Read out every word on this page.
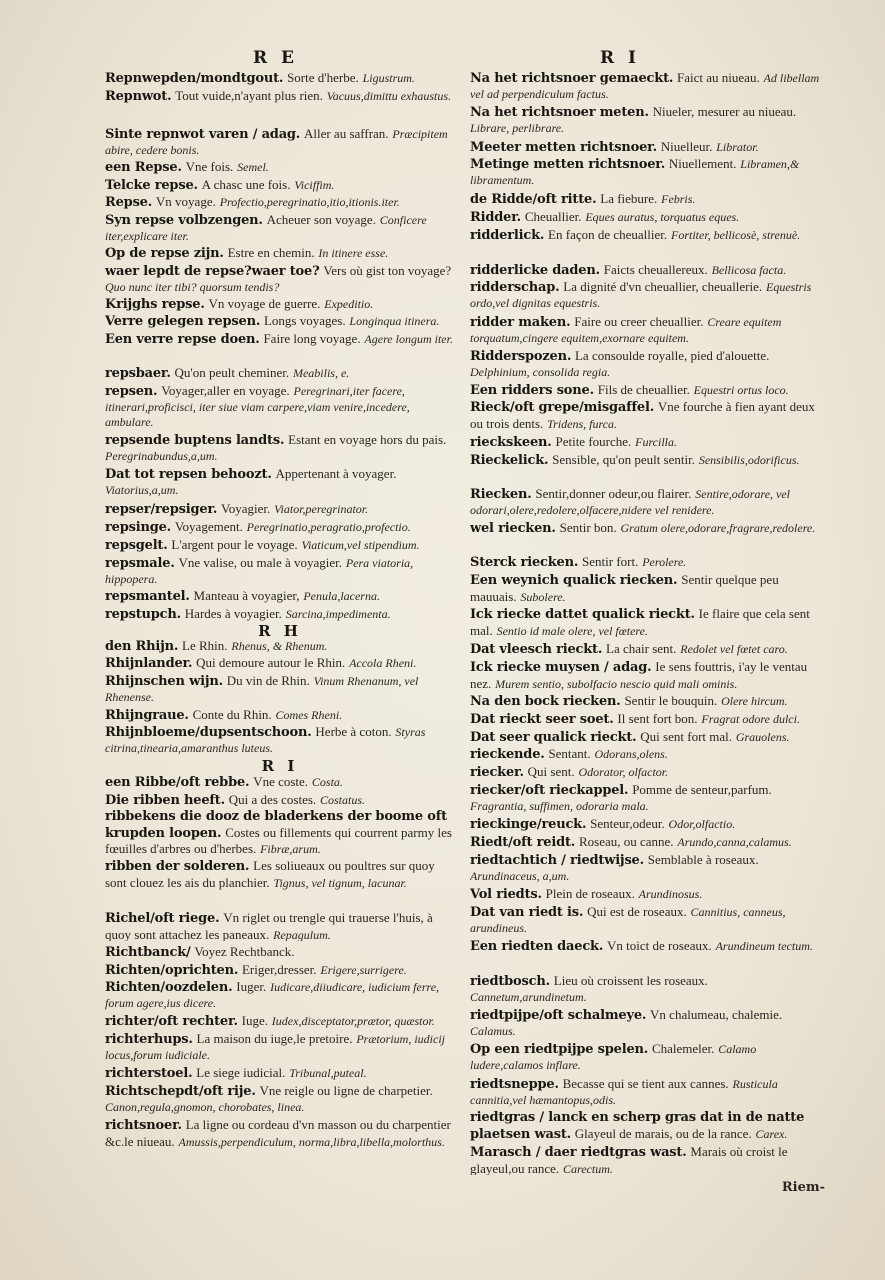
R E	R I
Repnwepden/mondtgout. Sorte d'herbe. Ligustrum.
Repnwot. Tout vuide,n'ayant plus rien. Vacuus,dimittu exhaustus.
Sinte repnwot varen / adag. Aller au saffran. Præcipitem abire, cedere bonis.
een Repse. Vne fois. Semel.
Telcke repse. A chasc une fois. Viciffim.
Repse. Vn voyage. Profectio,peregrinatio,itio,itionis.iter.
Syn repse volbzengen. Acheuer son voyage. Conficere iter,explicare iter.
Op de repse zijn. Estre en chemin. In itinere esse.
waer lepdt de repse?waer toe? Vers où gist ton voyage? Quo nunc iter tibi? quorsum tendis?
Krijghs repse. Vn voyage de guerre. Expeditio.
Verre gelegen repsen. Longs voyages. Longinqua itinera.
Een verre repse doen. Faire long voyage. Agere longum iter.
repsbaer. Qu'on peult cheminer. Meabilis, e.
repsen. Voyager,aller en voyage. Peregrinari,iter facere, itinerari,proficisci, iter siue viam carpere,viam venire,incedere, ambulare.
repsende buptens landts. Estant en voyage hors du pais. Peregrinabundus,a,um.
Dat tot repsen behoozt. Appertenant à voyager. Viatorius,a,um.
repser/repsiger. Voyagier. Viator,peregrinator.
repsinge. Voyagement. Peregrinatio,peragratio,profectio.
repsgelt. L'argent pour le voyage. Viaticum,vel stipendium.
repsmale. Vne valise, ou male à voyagier. Pera viatoria, hippopera.
repsmantel. Manteau à voyagier, Penula,lacerna.
repstupch. Hardes à voyagier. Sarcina,impedimenta.
R H
den Rhijn. Le Rhin. Rhenus, & Rhenum.
Rhijnlander. Qui demoure autour le Rhin. Accola Rheni.
Rhijnschen wijn. Du vin de Rhin. Vinum Rhenanum, vel Rhenense.
Rhijngraue. Conte du Rhin. Comes Rheni.
Rhijnbloeme/dupsentschoon. Herbe à coton. Styras citrina,tinearia,amaranthus luteus.
R I
een Ribbe/oft rebbe. Vne coste. Costa.
Die ribben heeft. Qui a des costes. Costatus.
ribbekens die dooz de bladerkens der boome oft krupden loopen. Costes ou fillements qui courrent parmy les fœuilles d'arbres ou d'herbes. Fibræ,arum.
ribben der solderen. Les soliueaux ou poultres sur quoy sont clouez les ais du planchier. Tignus, vel tignum, lacunar.
Richel/oft riege. Vn riglet ou trengle qui trauerse l'huis, à quoy sont attachez les paneaux. Repagulum.
Richtbanck/ Voyez Rechtbanck.
Richten/oprichten. Eriger,dresser. Erigere,surrigere.
Richten/oozdelen. Iuger. Iudicare,diiudicare, iudicium ferre, forum agere,ius dicere.
richter/oft rechter. Iuge. Iudex,disceptator,prætor, quæstor.
richterhups. La maison du iuge,le pretoire. Prætorium, iudicij locus,forum iudiciale.
richterstoel. Le siege iudicial. Tribunal,puteal.
Richtschepdt/oft rije. Vne reigle ou ligne de charpetier. Canon,regula,gnomon, chorobates, linea.
richtsnoer. La ligne ou cordeau d'vn masson ou du charpentier &c.le niueau. Amussis,perpendiculum, norma,libra,libella,molorthus.
Na het richtsnoer gemaeckt. Faict au niueau. Ad libellam vel ad perpendiculum factus.
Na het richtsnoer meten. Niueler, mesurer au niueau. Librare, perlibrare.
Meeter metten richtsnoer. Niuelleur. Librator.
Metinge metten richtsnoer. Niuellement. Libramen,& libramentum.
de Ridde/oft ritte. La fiebure. Febris.
Ridder. Cheuallier. Eques auratus, torquatus eques.
ridderlick. En façon de cheuallier. Fortiter, bellicosè, strenuè.
ridderlicke daden. Faicts cheuallereux. Bellicosa facta.
ridderschap. La dignité d'vn cheuallier, cheuallerie. Equestris ordo,vel dignitas equestris.
ridder maken. Faire ou creer cheuallier. Creare equitem torquatum,cingere equitem,exornare equitem.
Ridderspozen. La consoulde royalle, pied d'alouette. Delphinium, consolida regia.
Een ridders sone. Fils de cheuallier. Equestri ortus loco.
Rieck/oft grepe/misgaffel. Vne fourche à fien ayant deux ou trois dents. Tridens, furca.
rieckskeen. Petite fourche. Furcilla.
Rieckelick. Sensible, qu'on peult sentir. Sensibilis,odorificus.
Riecken. Sentir,donner odeur,ou flairer. Sentire,odorare, vel odorari,olere,redolere,olfacere,nidere vel renidere.
wel riecken. Sentir bon. Gratum olere,odorare,fragrare,redolere.
Sterck riecken. Sentir fort. Perolere.
Een weynich qualick riecken. Sentir quelque peu mauuais. Subolere.
Ick riecke dattet qualick rieckt. Ie flaire que cela sent mal. Sentio id male olere, vel fœtere.
Dat vleesch rieckt. La chair sent. Redolet vel fœtet caro.
Ick riecke muysen / adag. Ie sens fouttris, i'ay le ventau nez. Murem sentio, subolfacio nescio quid mali ominis.
Na den bock riecken. Sentir le bouquin. Olere hircum.
Dat rieckt seer soet. Il sent fort bon. Fragrat odore dulci.
Dat seer qualick rieckt. Qui sent fort mal. Grauolens.
rieckende. Sentant. Odorans,olens.
riecker. Qui sent. Odorator, olfactor.
riecker/oft rieckappel. Pomme de senteur,parfum. Fragrantia, suffimen, odoraria mala.
rieckinge/reuck. Senteur,odeur. Odor,olfactio.
Riedt/oft reidt. Roseau, ou canne. Arundo,canna,calamus.
riedtachtich / riedtwijse. Semblable à roseaux. Arundinaceus, a,um.
Vol riedts. Plein de roseaux. Arundinosus.
Dat van riedt is. Qui est de roseaux. Cannitius, canneus, arundineus.
Een riedten daeck. Vn toict de roseaux. Arundineum tectum.
riedtbosch. Lieu où croissent les roseaux. Cannetum,arundinetum.
riedtpijpe/oft schalmeye. Vn chalumeau, chalemie. Calamus.
Op een riedtpijpe spelen. Chalemeler. Calamo ludere,calamos inflare.
riedtsneppe. Becasse qui se tient aux cannes. Rusticula cannitia,vel hæmantopus,odis.
riedtgras / lanck en scherp gras dat in de natte plaetsen wast. Glayeul de marais, ou de la rance. Carex.
Marasch / daer riedtgras wast. Marais où croist le glayeul,ou rance. Carectum.
Riem-
